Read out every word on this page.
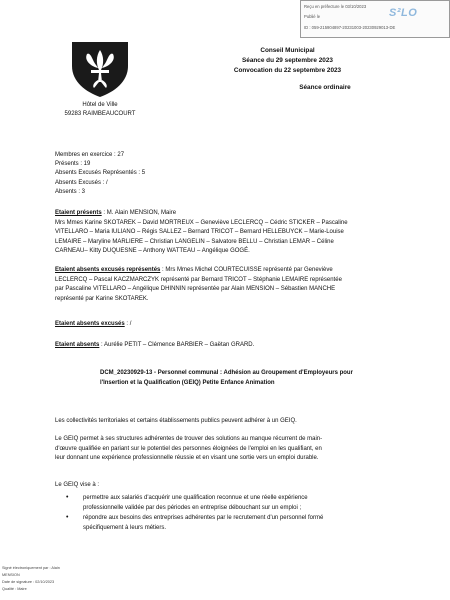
Reçu en préfecture le 03/10/2023
Publié le
ID : 059-215904897-20231003-20230929013-DE
S²LO
Conseil Municipal
Séance du 29 septembre 2023
Convocation du 22 septembre 2023
Séance ordinaire
Hôtel de Ville
59283 RAIMBEAUCOURT
Membres en exercice : 27
Présents : 19
Absents Excusés Représentés : 5
Absents Excusés : /
Absents : 3
Etaient présents : M. Alain MENSION, Maire
Mrs Mmes Karine SKOTAREK – David MORTREUX – Geneviève LECLERCQ – Cédric STICKER – Pascaline
VITELLARO – Maria IULIANO – Régis SALLEZ – Bernard TRICOT – Bernard HELLEBUYCK – Marie-Louise
LEMAIRE – Maryline MARLIERE – Christian LANGELIN – Salvatore BELLU – Christian LEMAR – Céline
CARNEAU– Kitty DUQUESNE – Anthony WATTEAU – Angélique GOGÉ.
Etaient absents excusés représentés : Mrs Mmes Michel COURTECUISSE représenté par Geneviève
LECLERCQ – Pascal KACZMARCZYK représenté par Bernard TRICOT – Stéphanie LEMAIRE représentée
par Pascaline VITELLARO – Angélique DHINNIN représentée par Alain MENSION – Sébastien MANCHE
représenté par Karine SKOTAREK.
Etaient absents excusés : /
Etaient absents : Aurélie PETIT – Clémence BARBIER – Gaëtan GRARD.
DCM_20230929-13 - Personnel communal : Adhésion au Groupement d'Employeurs pour
l'Insertion et la Qualification (GEIQ) Petite Enfance Animation
Les collectivités territoriales et certains établissements publics peuvent adhérer à un GEIQ.
Le GEIQ permet à ses structures adhérentes de trouver des solutions au manque récurrent de main-
d'œuvre qualifiée en pariant sur le potentiel des personnes éloignées de l'emploi en les qualifiant, en
leur donnant une expérience professionnelle réussie et en visant une sortie vers un emploi durable.
Le GEIQ vise à :
• permettre aux salariés d'acquérir une qualification reconnue et une réelle expérience
professionnelle validée par des périodes en entreprise débouchant sur un emploi ;
• répondre aux besoins des entreprises adhérentes par le recrutement d'un personnel formé
spécifiquement à leurs métiers.
Signé électroniquement par : Alain
MENSION
Date de signature : 02/10/2023
Qualité : Maire
